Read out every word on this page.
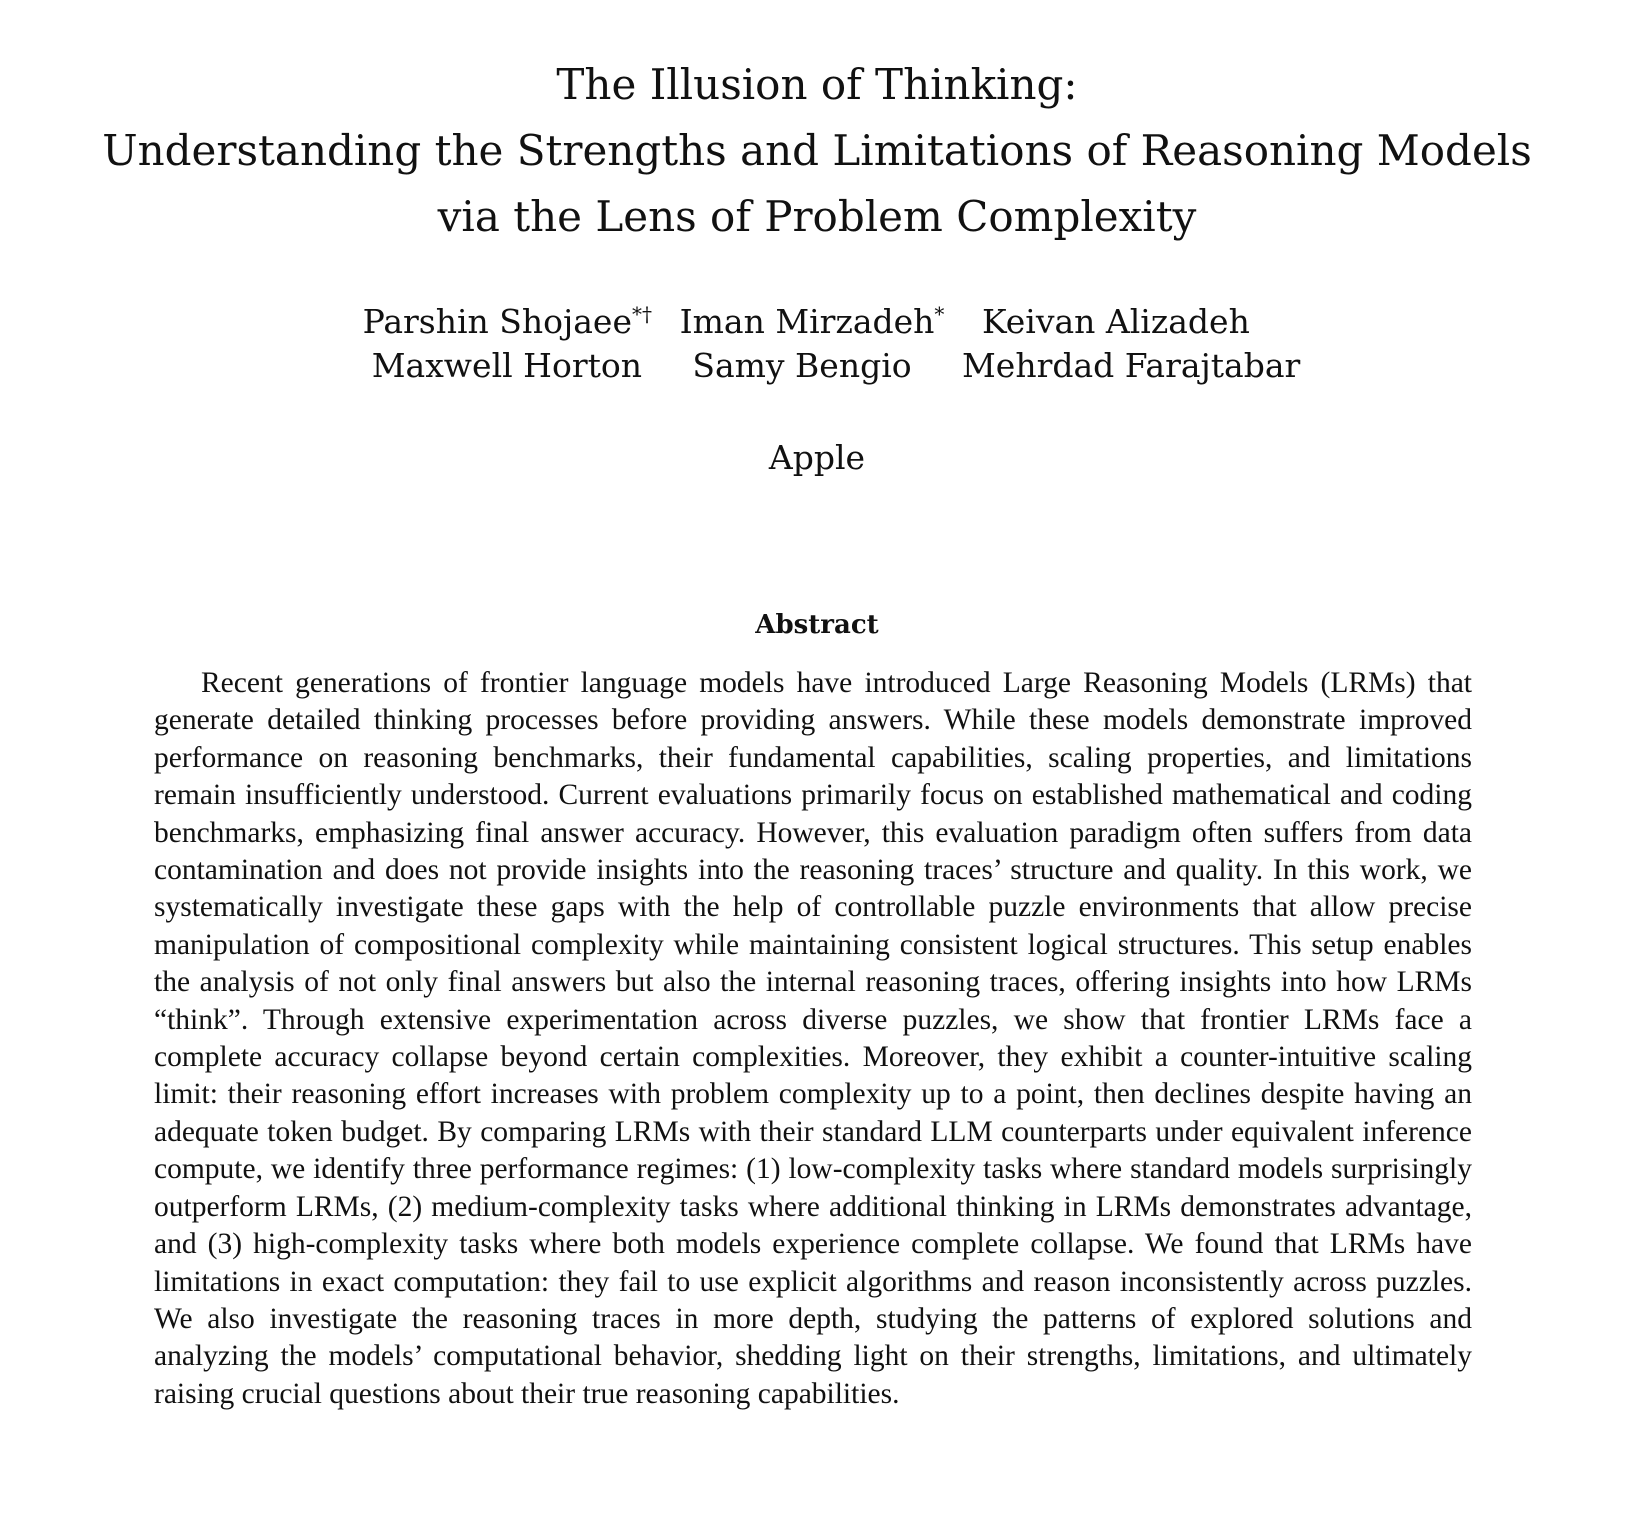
The Illusion of Thinking:
Understanding the Strengths and Limitations of Reasoning Models
via the Lens of Problem Complexity
Parshin Shojaee*† Iman Mirzadeh*	Keivan Alizadeh
Maxwell Horton	Samy Bengio	Mehrdad Farajtabar
Apple
Abstract

Recent generations of frontier language models have introduced Large Reasoning Models (LRMs) that generate detailed thinking processes before providing answers. While these models demonstrate improved performance on reasoning benchmarks, their fundamental capabilities, scaling properties, and limitations remain insufficiently understood. Current evaluations primarily focus on established mathematical and coding benchmarks, emphasizing final answer accuracy. However, this evaluation paradigm often suffers from data contamination and does not provide insights into the reasoning traces’ structure and quality. In this work, we systematically investigate these gaps with the help of controllable puzzle environments that allow precise manipulation of compositional complexity while maintaining consistent logical structures. This setup enables the analysis of not only final answers but also the internal reasoning traces, offering insights into how LRMs “think”. Through extensive experimentation across diverse puzzles, we show that frontier LRMs face a complete accuracy collapse beyond certain complexities. Moreover, they exhibit a counter-intuitive scaling limit: their reasoning effort increases with problem complexity up to a point, then declines despite having an adequate token budget. By comparing LRMs with their standard LLM counterparts under equivalent inference compute, we identify three performance regimes: (1) low-complexity tasks where standard models surprisingly outperform LRMs, (2) medium-complexity tasks where additional thinking in LRMs demonstrates advantage, and (3) high-complexity tasks where both models experience complete collapse. We found that LRMs have limitations in exact computation: they fail to use explicit algorithms and reason inconsistently across puzzles. We also investigate the reasoning traces in more depth, studying the patterns of explored solutions and analyzing the models’ computational behavior, shedding light on their strengths, limitations, and ultimately raising crucial questions about their true reasoning capabilities.
